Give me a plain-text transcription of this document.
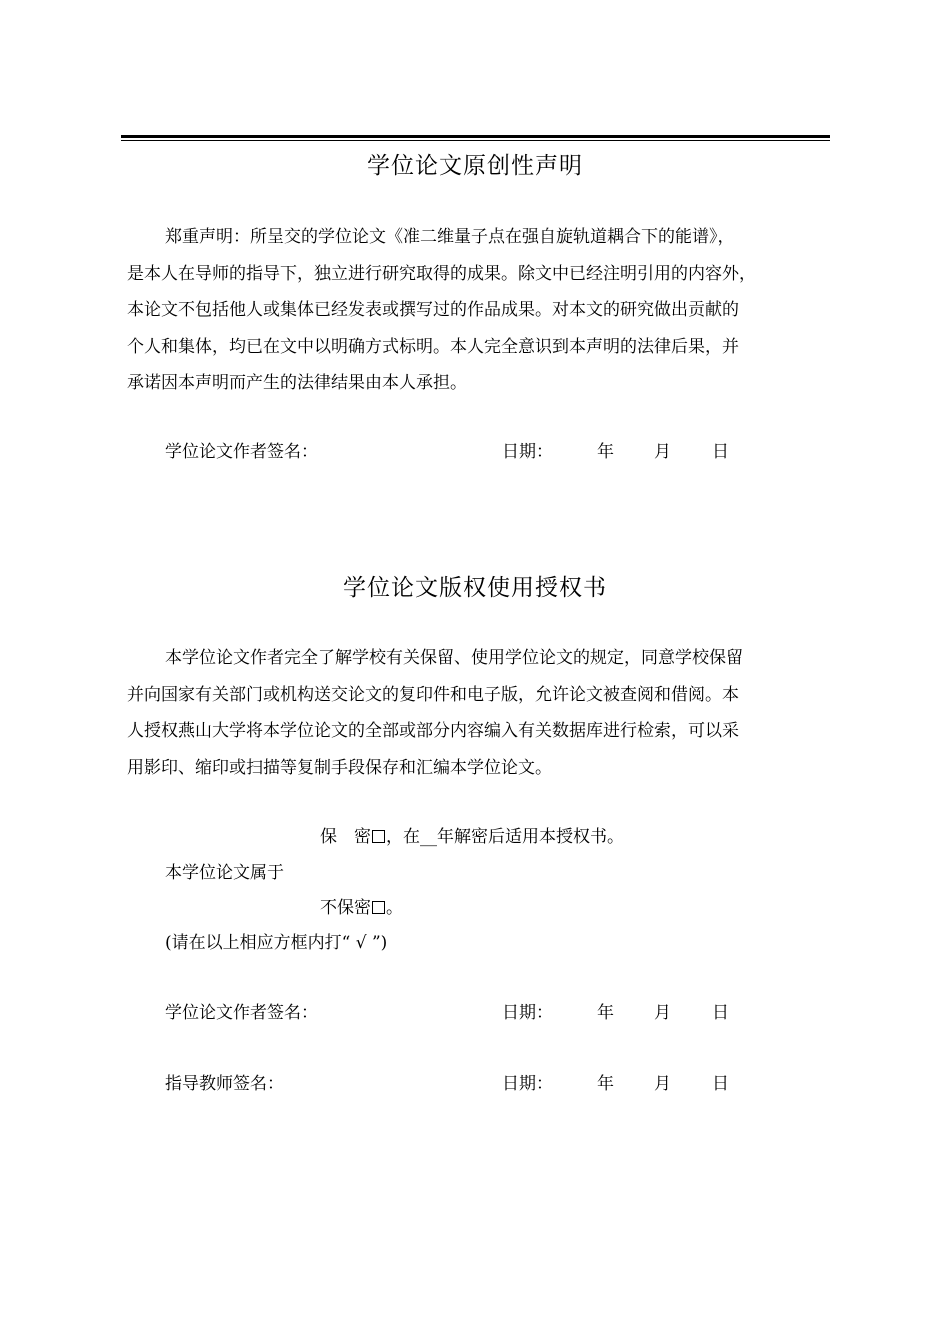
学位论文原创性声明
郑重声明：所呈交的学位论文《准二维量子点在强自旋轨道耦合下的能谱》，
是本人在导师的指导下，独立进行研究取得的成果。除文中已经注明引用的内容外，
本论文不包括他人或集体已经发表或撰写过的作品成果。对本文的研究做出贡献的
个人和集体，均已在文中以明确方式标明。本人完全意识到本声明的法律后果，并
承诺因本声明而产生的法律结果由本人承担。
学位论文作者签名：	日期：	年 月 日
学位论文版权使用授权书
本学位论文作者完全了解学校有关保留、使用学位论文的规定，同意学校保留
并向国家有关部门或机构送交论文的复印件和电子版，允许论文被查阅和借阅。本
人授权燕山大学将本学位论文的全部或部分内容编入有关数据库进行检索，可以采
用影印、缩印或扫描等复制手段保存和汇编本学位论文。
保　密 ，在__年解密后适用本授权书。
本学位论文属于
不保密 。
(请在以上相应方框内打“ √ ”)
学位论文作者签名：	日期：	年 月 日
指导教师签名：	日期：	年 月 日
